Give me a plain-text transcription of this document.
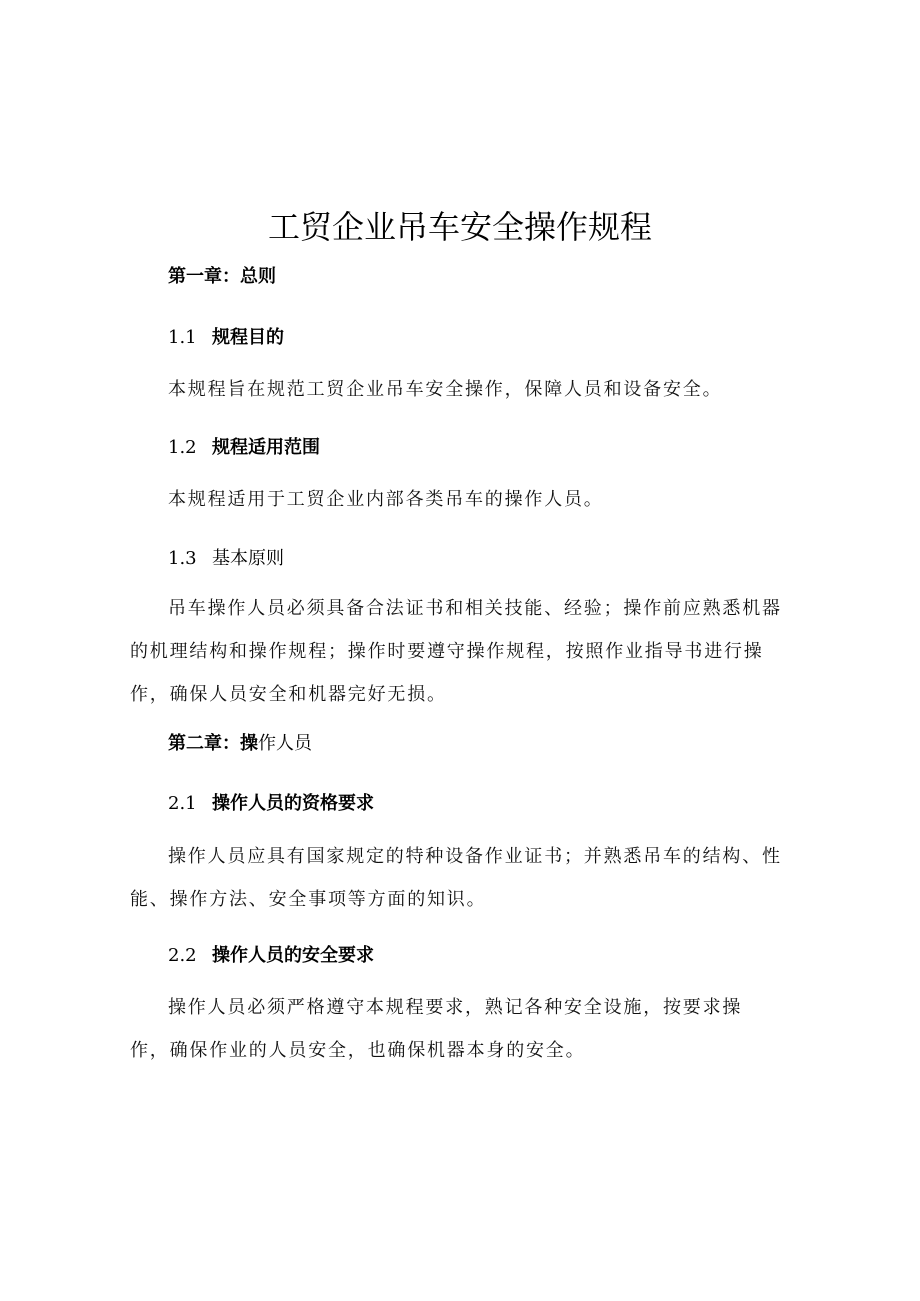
工贸企业吊车安全操作规程
第一章：总则
1.1 规程目的
本规程旨在规范工贸企业吊车安全操作，保障人员和设备安全。
1.2 规程适用范围
本规程适用于工贸企业内部各类吊车的操作人员。
1.3 基本原则
吊车操作人员必须具备合法证书和相关技能、经验；操作前应熟悉机器的机理结构和操作规程；操作时要遵守操作规程，按照作业指导书进行操作，确保人员安全和机器完好无损。
第二章：操作人员
2.1 操作人员的资格要求
操作人员应具有国家规定的特种设备作业证书；并熟悉吊车的结构、性能、操作方法、安全事项等方面的知识。
2.2 操作人员的安全要求
操作人员必须严格遵守本规程要求，熟记各种安全设施，按要求操
作，确保作业的人员安全，也确保机器本身的安全。
